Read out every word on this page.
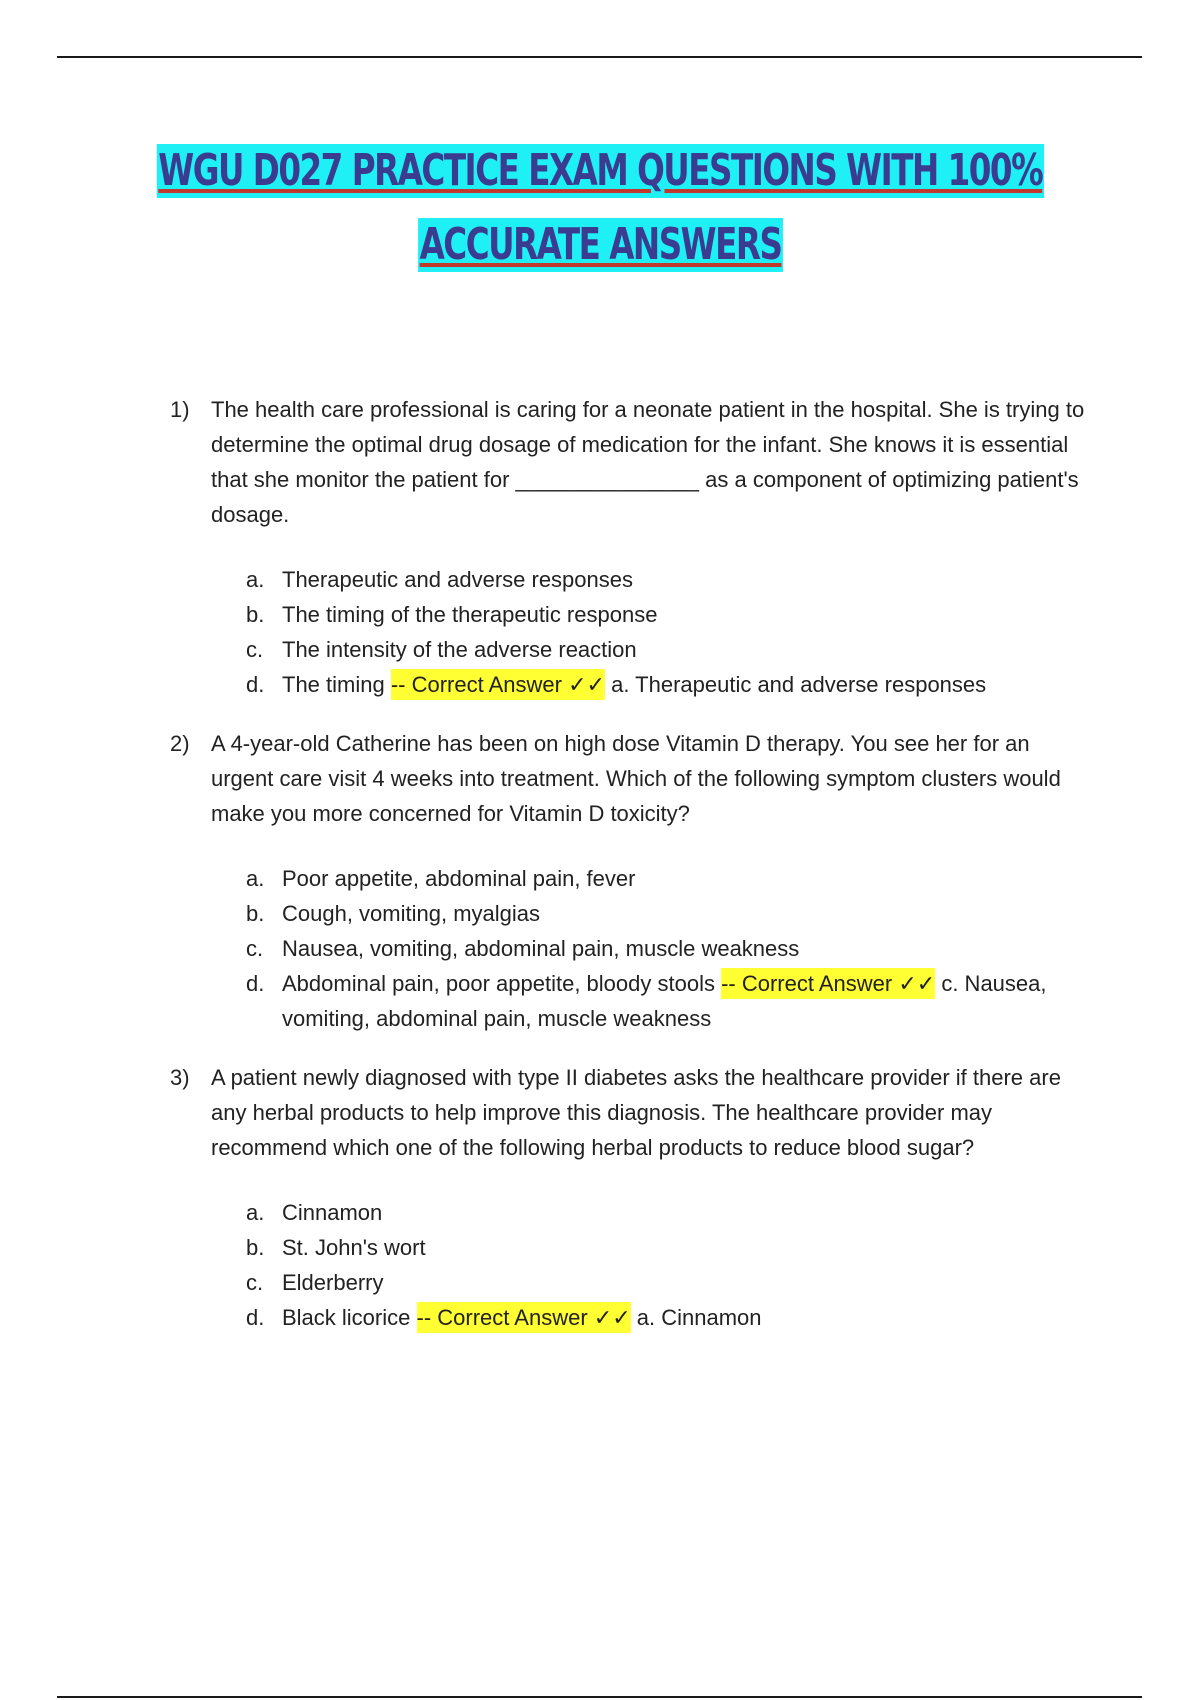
WGU D027 PRACTICE EXAM QUESTIONS WITH 100%
ACCURATE ANSWERS
1) The health care professional is caring for a neonate patient in the hospital. She is trying to determine the optimal drug dosage of medication for the infant. She knows it is essential that she monitor the patient for _______________ as a component of optimizing patient's dosage.
a. Therapeutic and adverse responses
b. The timing of the therapeutic response
c. The intensity of the adverse reaction
d. The timing -- Correct Answer ✓✓ a. Therapeutic and adverse responses
2) A 4-year-old Catherine has been on high dose Vitamin D therapy. You see her for an urgent care visit 4 weeks into treatment. Which of the following symptom clusters would make you more concerned for Vitamin D toxicity?
a. Poor appetite, abdominal pain, fever
b. Cough, vomiting, myalgias
c. Nausea, vomiting, abdominal pain, muscle weakness
d. Abdominal pain, poor appetite, bloody stools -- Correct Answer ✓✓ c. Nausea, vomiting, abdominal pain, muscle weakness
3) A patient newly diagnosed with type II diabetes asks the healthcare provider if there are any herbal products to help improve this diagnosis. The healthcare provider may recommend which one of the following herbal products to reduce blood sugar?
a. Cinnamon
b. St. John's wort
c. Elderberry
d. Black licorice -- Correct Answer ✓✓ a. Cinnamon
